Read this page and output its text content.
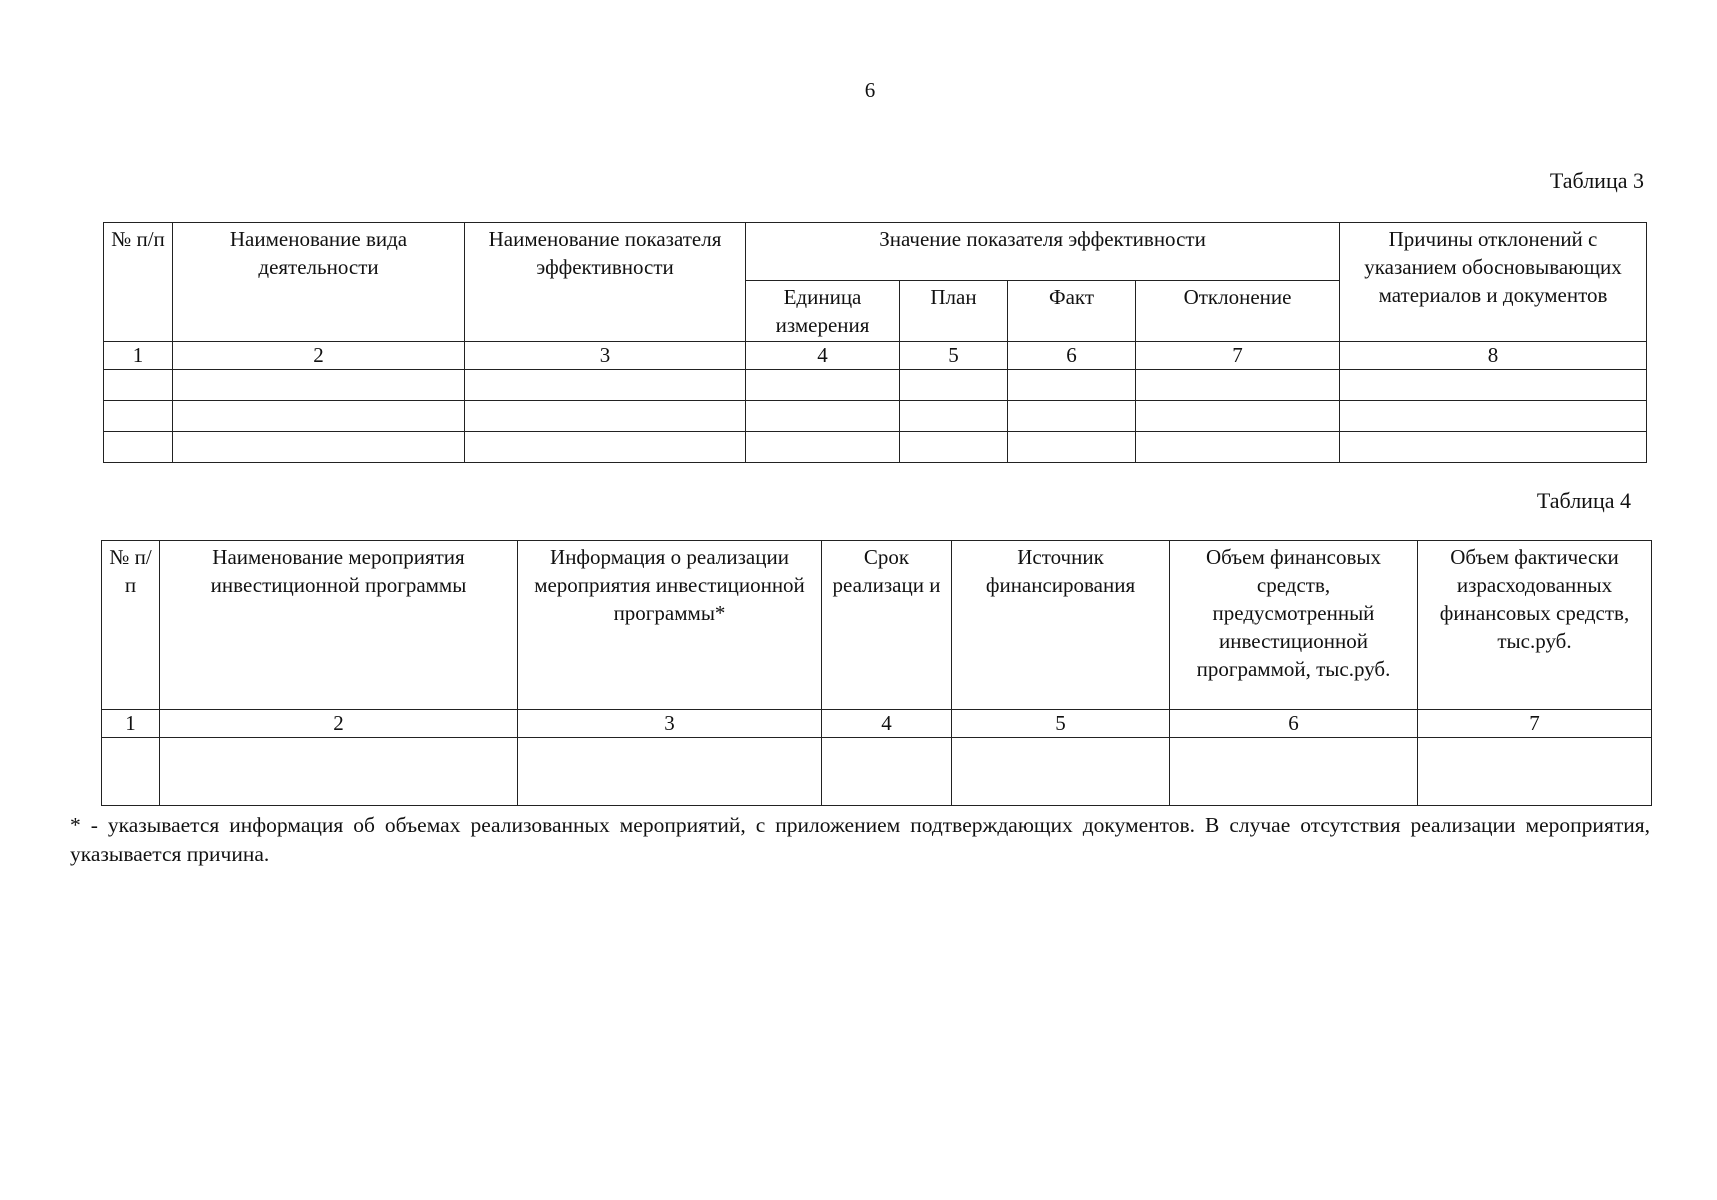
6
Таблица 3
№ п/п	Наименование вида деятельности	Наименование показателя эффективности	Значение показателя эффективности				Причины отклонений с указанием обосновывающих материалов и документов
			Единица измерения	План	Факт	Отклонение	
1	2	3	4	5	6	7	8

Таблица 4
№ п/п	Наименование мероприятия инвестиционной программы	Информация о реализации мероприятия инвестиционной программы*	Срок реализаци и	Источник финансирования	Объем финансовых средств, предусмотренный инвестиционной программой, тыс.руб.	Объем фактически израсходованных финансовых средств, тыс.руб.
1	2	3	4	5	6	7

* - указывается информация об объемах реализованных мероприятий, с приложением подтверждающих документов. В случае отсутствия реализации мероприятия, указывается причина.
